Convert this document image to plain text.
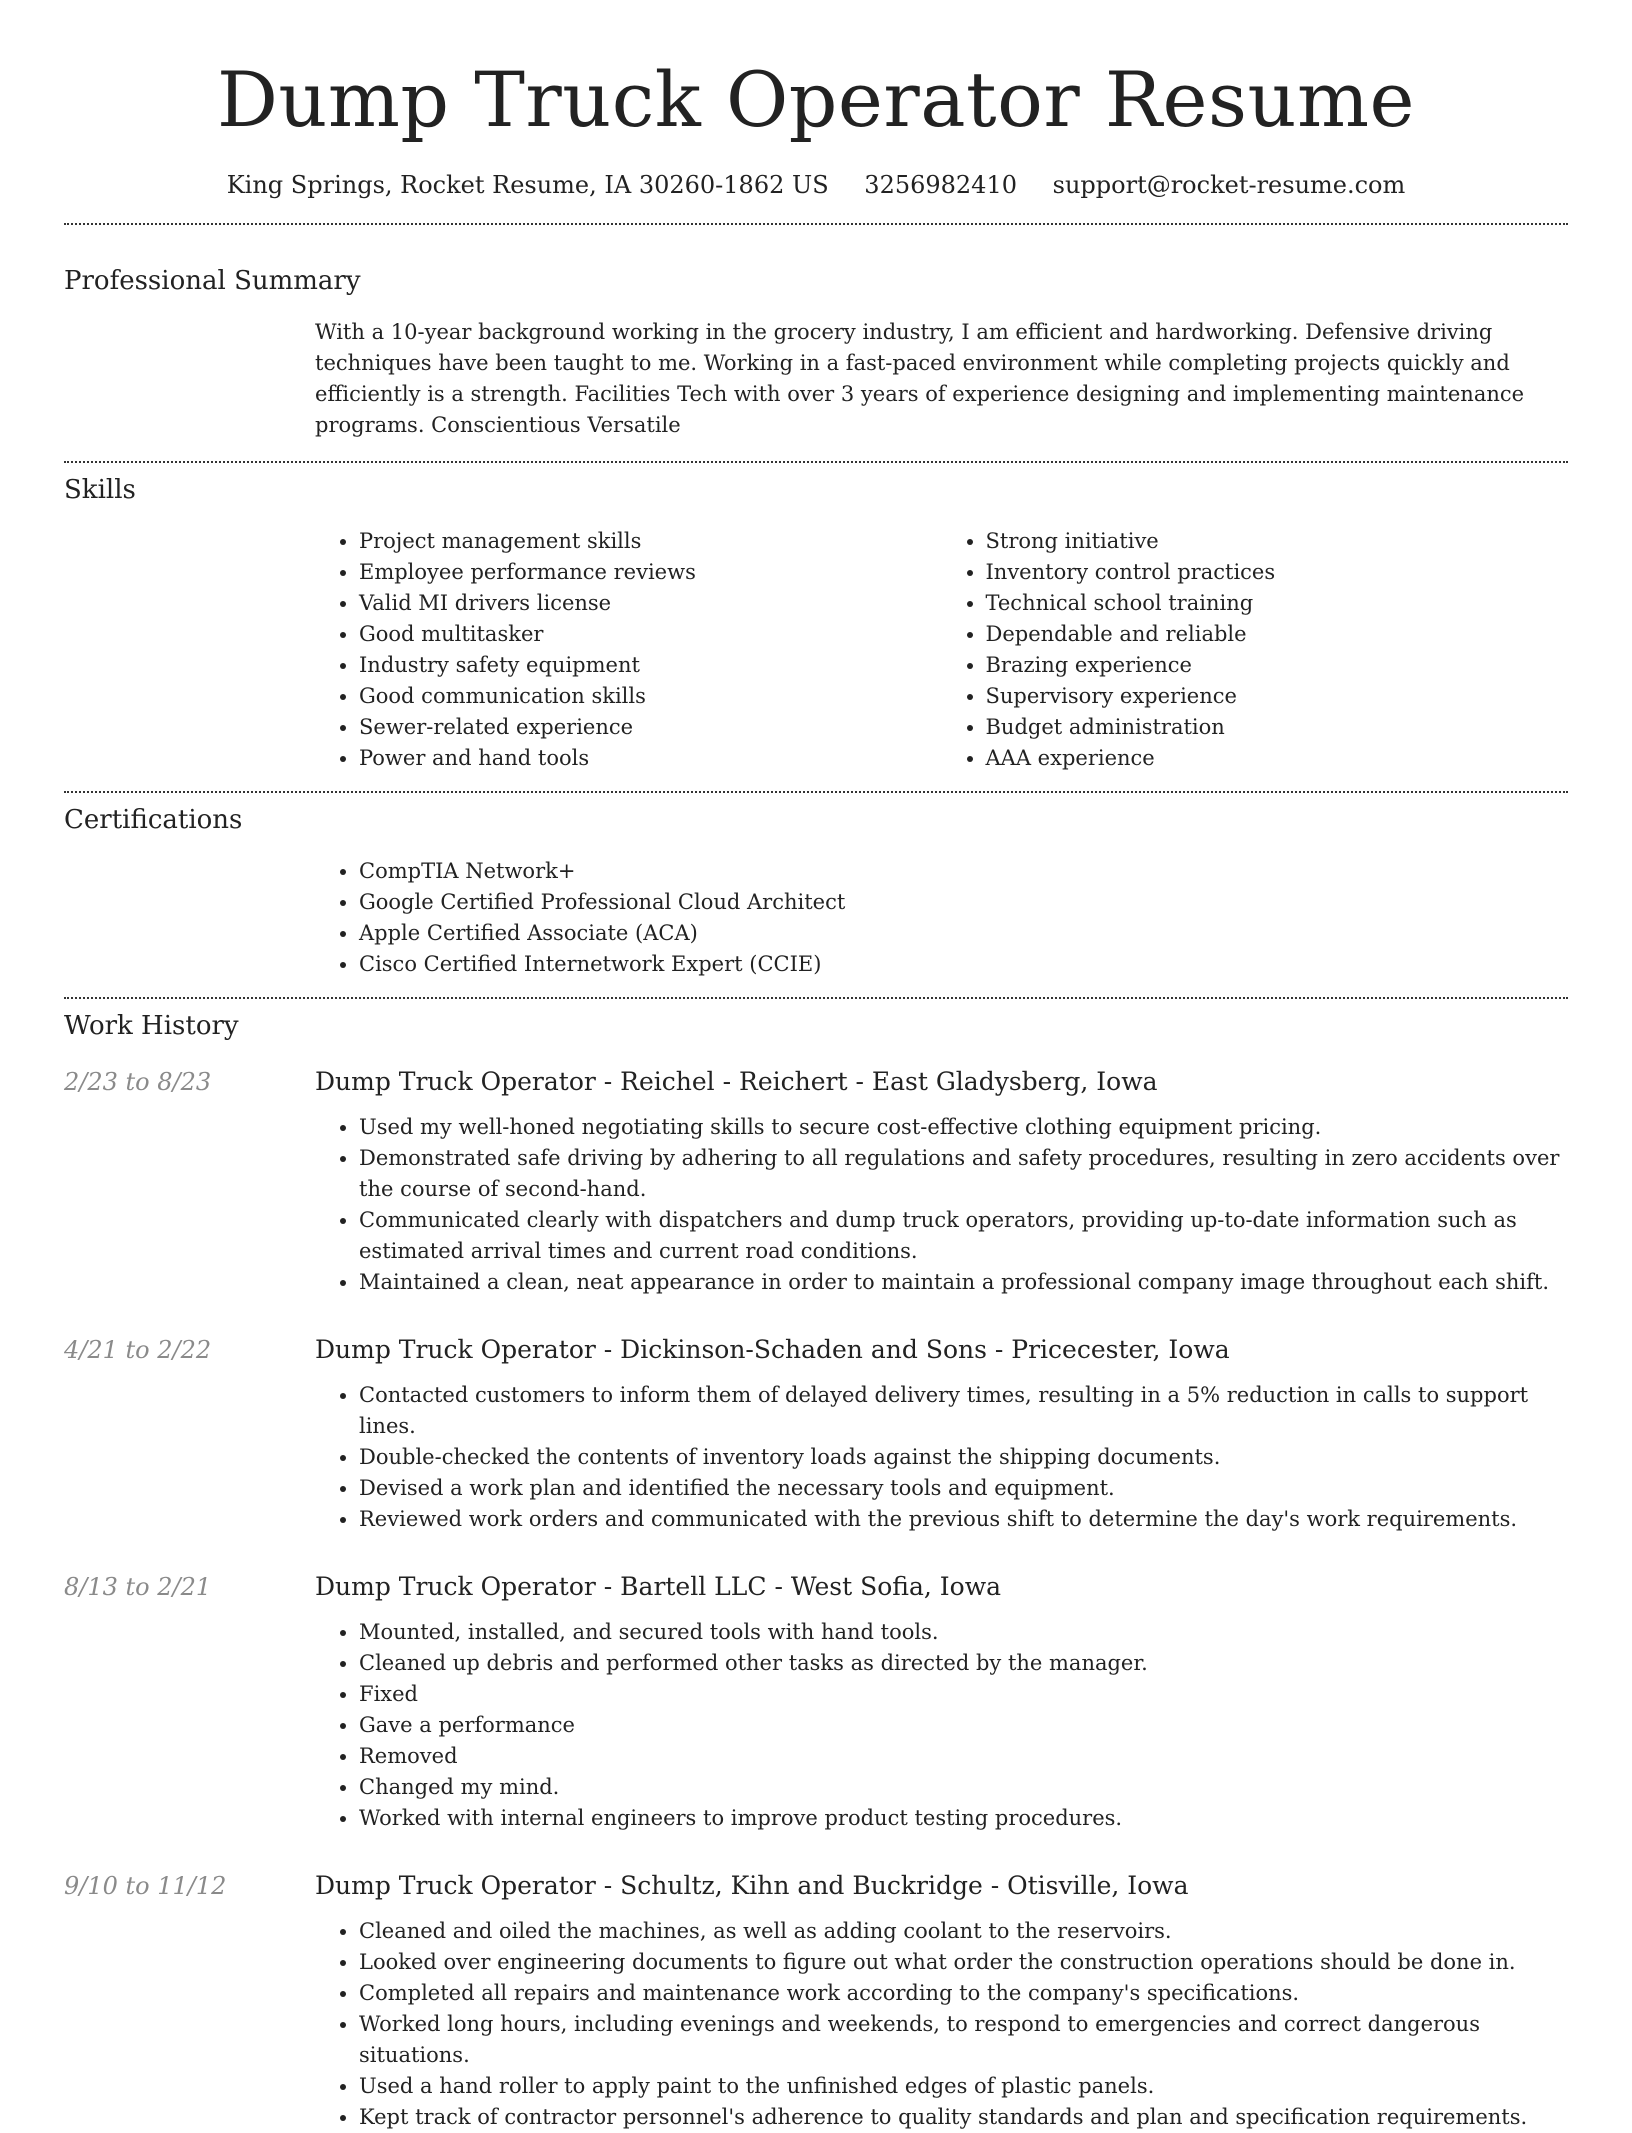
Dump Truck Operator Resume
King Springs, Rocket Resume, IA 30260-1862 US 3256982410 support@rocket-resume.com
Professional Summary

With a 10-year background working in the grocery industry, I am efficient and hardworking. Defensive driving techniques have been taught to me. Working in a fast-paced environment while completing projects quickly and efficiently is a strength. Facilities Tech with over 3 years of experience designing and implementing maintenance programs. Conscientious Versatile

Skills
• Project management skills
• Employee performance reviews
• Valid MI drivers license
• Good multitasker
• Industry safety equipment
• Good communication skills
• Sewer-related experience
• Power and hand tools
• Strong initiative
• Inventory control practices
• Technical school training
• Dependable and reliable
• Brazing experience
• Supervisory experience
• Budget administration
• AAA experience
Certifications
• CompTIA Network+
• Google Certified Professional Cloud Architect
• Apple Certified Associate (ACA)
• Cisco Certified Internetwork Expert (CCIE)
Work History
2/23 to 8/23	Dump Truck Operator - Reichel - Reichert - East Gladysberg, Iowa
• Used my well-honed negotiating skills to secure cost-effective clothing equipment pricing.
• Demonstrated safe driving by adhering to all regulations and safety procedures, resulting in zero accidents over the course of second-hand.
• Communicated clearly with dispatchers and dump truck operators, providing up-to-date information such as estimated arrival times and current road conditions.
• Maintained a clean, neat appearance in order to maintain a professional company image throughout each shift.
4/21 to 2/22	Dump Truck Operator - Dickinson-Schaden and Sons - Pricecester, Iowa
• Contacted customers to inform them of delayed delivery times, resulting in a 5% reduction in calls to support lines.
• Double-checked the contents of inventory loads against the shipping documents.
• Devised a work plan and identified the necessary tools and equipment.
• Reviewed work orders and communicated with the previous shift to determine the day's work requirements.
8/13 to 2/21	Dump Truck Operator - Bartell LLC - West Sofia, Iowa
• Mounted, installed, and secured tools with hand tools.
• Cleaned up debris and performed other tasks as directed by the manager.
• Fixed
• Gave a performance
• Removed
• Changed my mind.
• Worked with internal engineers to improve product testing procedures.
9/10 to 11/12	Dump Truck Operator - Schultz, Kihn and Buckridge - Otisville, Iowa
• Cleaned and oiled the machines, as well as adding coolant to the reservoirs.
• Looked over engineering documents to figure out what order the construction operations should be done in.
• Completed all repairs and maintenance work according to the company's specifications.
• Worked long hours, including evenings and weekends, to respond to emergencies and correct dangerous situations.
• Used a hand roller to apply paint to the unfinished edges of plastic panels.
• Kept track of contractor personnel's adherence to quality standards and plan and specification requirements.
